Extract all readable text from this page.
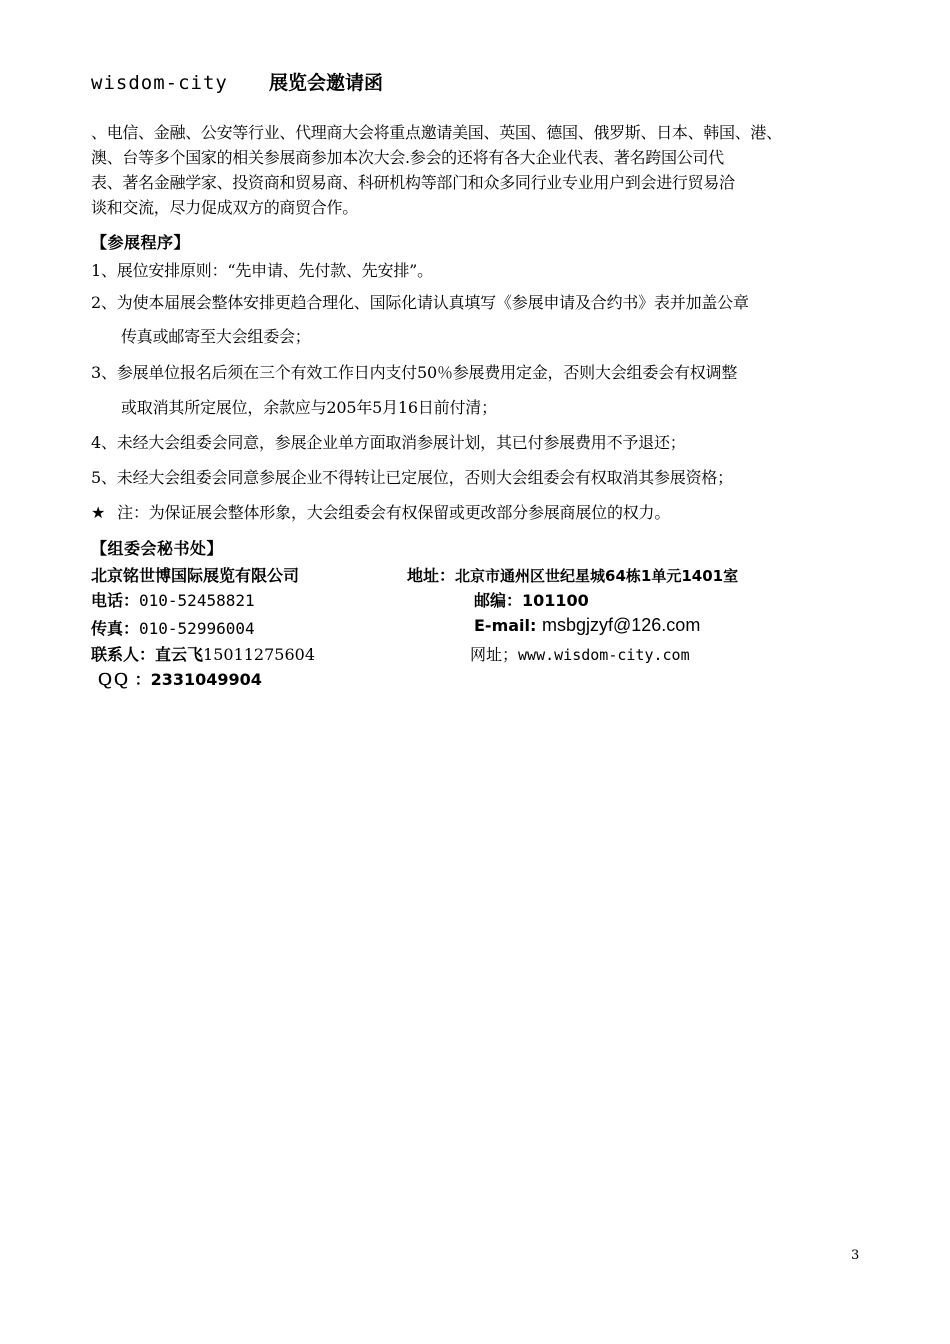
wisdom-city 展览会邀请函

、电信、金融、公安等行业、代理商大会将重点邀请美国、英国、德国、俄罗斯、日本、韩国、港、

澳、台等多个国家的相关参展商参加本次大会.参会的还将有各大企业代表、著名跨国公司代

表、著名金融学家、投资商和贸易商、科研机构等部门和众多同行业专业用户到会进行贸易洽

谈和交流，尽力促成双方的商贸合作。

【参展程序】
1、展位安排原则：“先申请、先付款、先安排”。
2、为使本届展会整体安排更趋合理化、国际化请认真填写《参展申请及合约书》表并加盖公章
传真或邮寄至大会组委会；
3、参展单位报名后须在三个有效工作日内支付50％参展费用定金，否则大会组委会有权调整
或取消其所定展位，余款应与205年5月16日前付清；
4、未经大会组委会同意，参展企业单方面取消参展计划，其已付参展费用不予退还；
5、未经大会组委会同意参展企业不得转让已定展位，否则大会组委会有权取消其参展资格；
★ 注：为保证展会整体形象，大会组委会有权保留或更改部分参展商展位的权力。
【组委会秘书处】
北京铭世博国际展览有限公司	地址：北京市通州区世纪星城64栋1单元1401室
电话：010-52458821	邮编：101100
传真：010-52996004	E-mail: msbgjzyf@126.com
联系人：直云飞15011275604	网址；www.wisdom-city.com
ＱＱ ：2331049904
3
